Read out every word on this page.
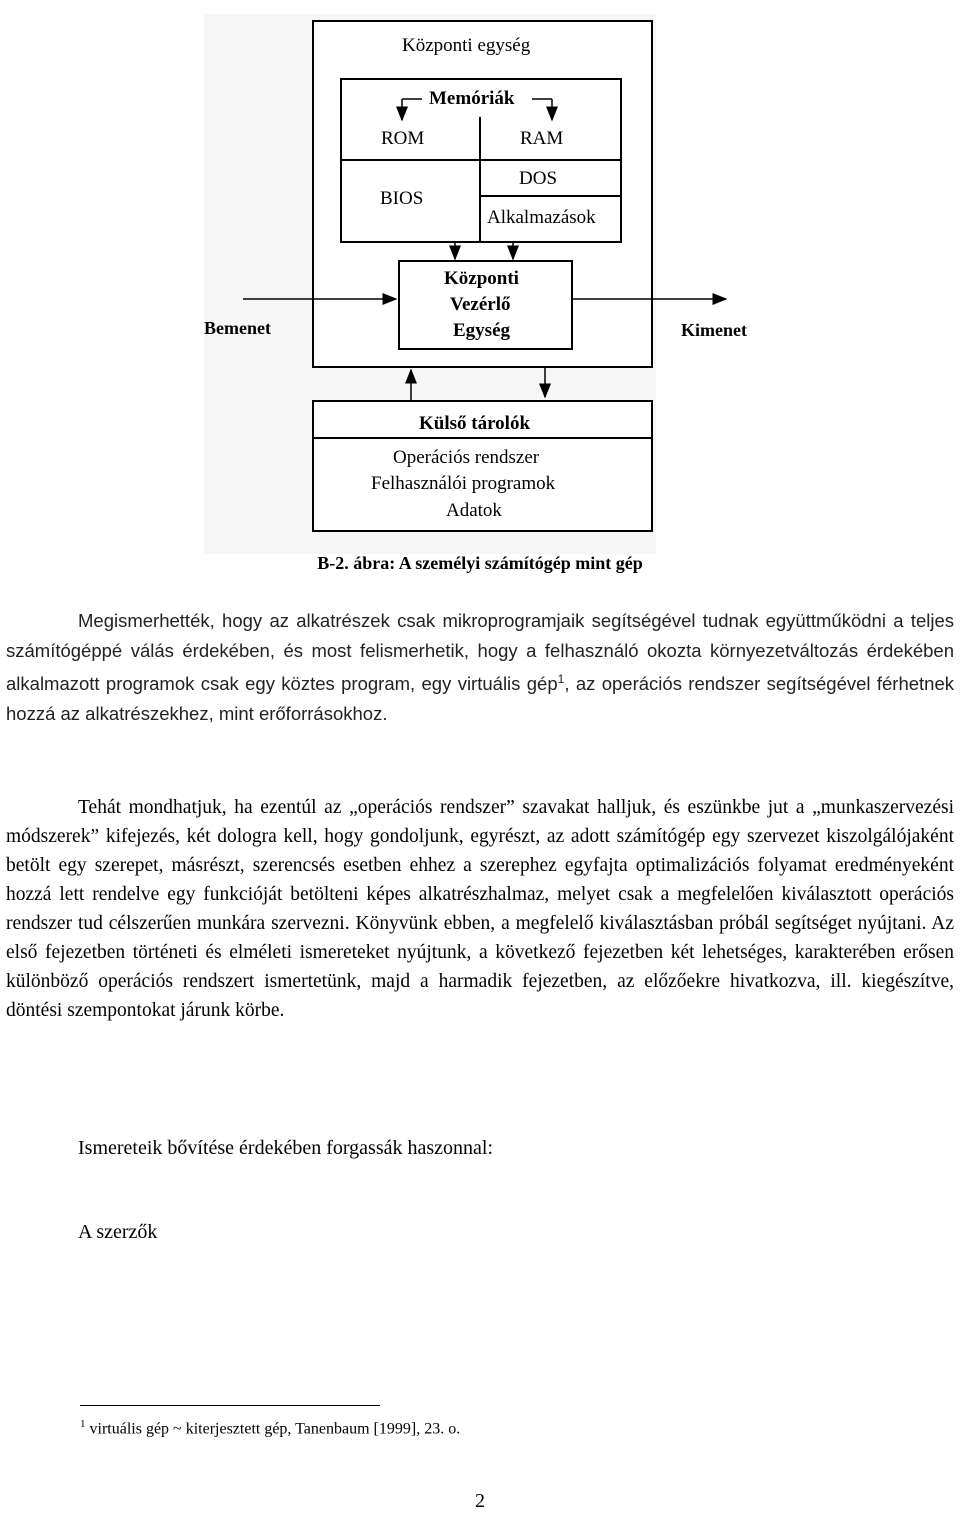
Központi egység
Memóriák
ROM	RAM
BIOS
DOS
Alkalmazások
Központi
Vezérlő
Egység
Bemenet	Kimenet
Külső tárolók
Operációs rendszer
Felhasználói programok
Adatok
B-2. ábra: A személyi számítógép mint gép

Megismerhették, hogy az alkatrészek csak mikroprogramjaik segítségével tudnak együttműködni a teljes számítógéppé válás érdekében, és most felismerhetik, hogy a felhasználó okozta környezetváltozás érdekében alkalmazott programok csak egy köztes program, egy virtuális gép$^1$, az operációs rendszer segítségével férhetnek hozzá az alkatrészekhez, mint erőforrásokhoz.

Tehát mondhatjuk, ha ezentúl az „operációs rendszer” szavakat halljuk, és eszünkbe jut a „munkaszervezési módszerek” kifejezés, két dologra kell, hogy gondoljunk, egyrészt, az adott számítógép egy szervezet kiszolgálójaként betölt egy szerepet, másrészt, szerencsés esetben ehhez a szerephez egyfajta optimalizációs folyamat eredményeként hozzá lett rendelve egy funkcióját betölteni képes alkatrészhalmaz, melyet csak a megfelelően kiválasztott operációs rendszer tud célszerűen munkára szervezni. Könyvünk ebben, a megfelelő kiválasztásban próbál segítséget nyújtani. Az első fejezetben történeti és elméleti ismereteket nyújtunk, a következő fejezetben két lehetséges, karakterében erősen különböző operációs rendszert ismertetünk, majd a harmadik fejezetben, az előzőekre hivatkozva, ill. kiegészítve, döntési szempontokat járunk körbe.

Ismereteik bővítése érdekében forgassák haszonnal:
A szerzők
$^1$ virtuális gép ~ kiterjesztett gép, Tanenbaum [1999], 23. o.
2
